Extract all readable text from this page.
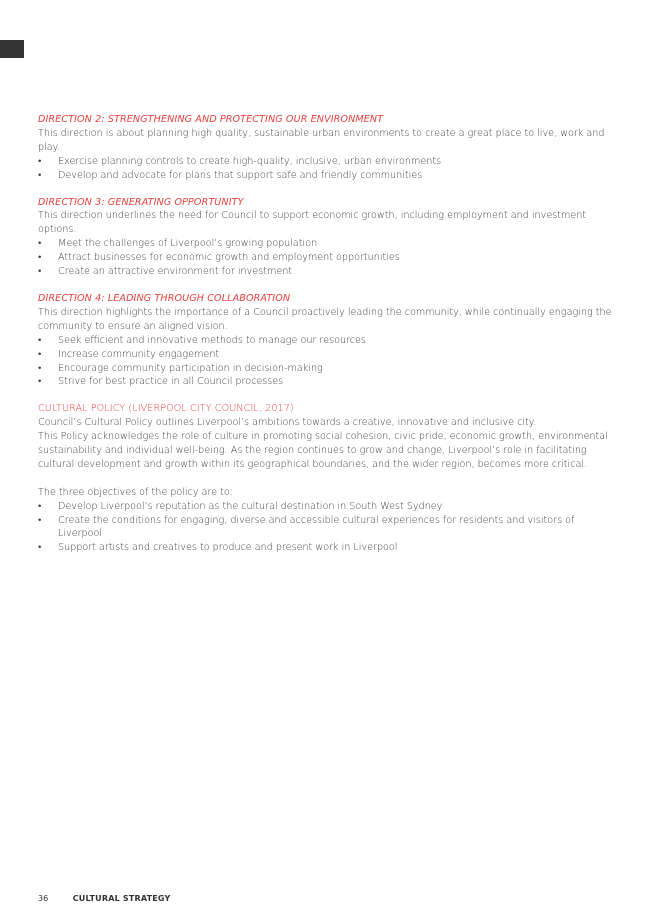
DIRECTION 2: STRENGTHENING AND PROTECTING OUR ENVIRONMENT

This direction is about planning high quality, sustainable urban environments to create a great place to live, work and play.

•	Exercise planning controls to create high-quality, inclusive, urban environments
•	Develop and advocate for plans that support safe and friendly communities

DIRECTION 3: GENERATING OPPORTUNITY

This direction underlines the need for Council to support economic growth, including employment and investment options.

•	Meet the challenges of Liverpool’s growing population
•	Attract businesses for economic growth and employment opportunities
•	Create an attractive environment for investment

DIRECTION 4: LEADING THROUGH COLLABORATION

This direction highlights the importance of a Council proactively leading the community, while continually engaging the community to ensure an aligned vision.

•	Seek efficient and innovative methods to manage our resources
•	Increase community engagement
•	Encourage community participation in decision-making
•	Strive for best practice in all Council processes

CULTURAL POLICY (LIVERPOOL CITY COUNCIL, 2017)

Council’s Cultural Policy outlines Liverpool’s ambitions towards a creative, innovative and inclusive city.

This Policy acknowledges the role of culture in promoting social cohesion, civic pride, economic growth, environmental sustainability and individual well-being. As the region continues to grow and change, Liverpool’s role in facilitating cultural development and growth within its geographical boundaries, and the wider region, becomes more critical.

The three objectives of the policy are to:

•	Develop Liverpool’s reputation as the cultural destination in South West Sydney
•	Create the conditions for engaging, diverse and accessible cultural experiences for residents and visitors of Liverpool
•	Support artists and creatives to produce and present work in Liverpool
36	CULTURAL STRATEGY
